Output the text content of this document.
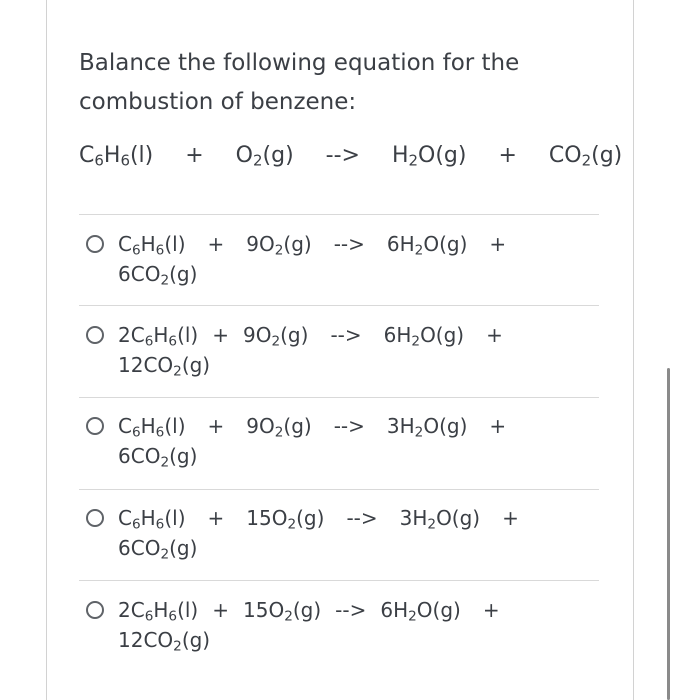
Balance the following equation for the combustion of benzene:
$C_6H_6(l) + O_2(g)$ --> $H_2O(g) + CO_2(g)$
$C_6H_6(l) + 9O_2(g)$ --> $6H_2O(g)$ +
$6CO_2(g)$
$2C_6H_6(l) + 9O_2(g)$ --> $6H_2O(g)$ +
$12CO_2(g)$
$C_6H_6(l) + 9O_2(g)$ --> $3H_2O(g)$ +
$6CO_2(g)$
$C_6H_6(l) + 15O_2(g)$ --> $3H_2O(g)$ +
$6CO_2(g)$
$2C_6H_6(l) + 15O_2(g)$ --> $6H_2O(g)$ +
$12CO_2(g)$
